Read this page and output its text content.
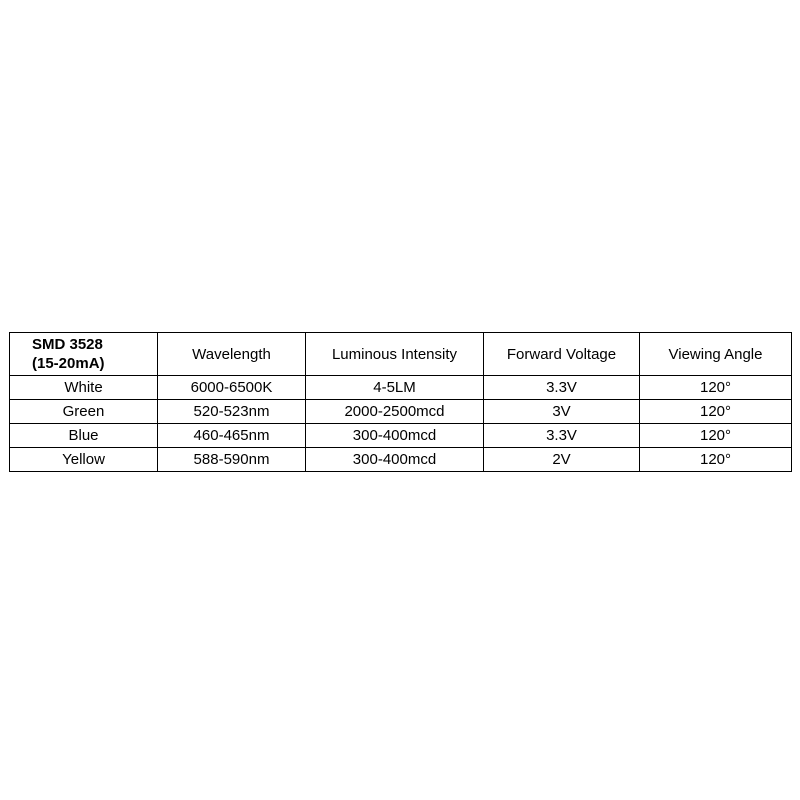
SMD 3528
(15-20mA)	Wavelength	Luminous Intensity	Forward Voltage	Viewing Angle
White	6000-6500K	4-5LM	3.3V	120°
Green	520-523nm	2000-2500mcd	3V	120°
Blue	460-465nm	300-400mcd	3.3V	120°
Yellow	588-590nm	300-400mcd	2V	120°
